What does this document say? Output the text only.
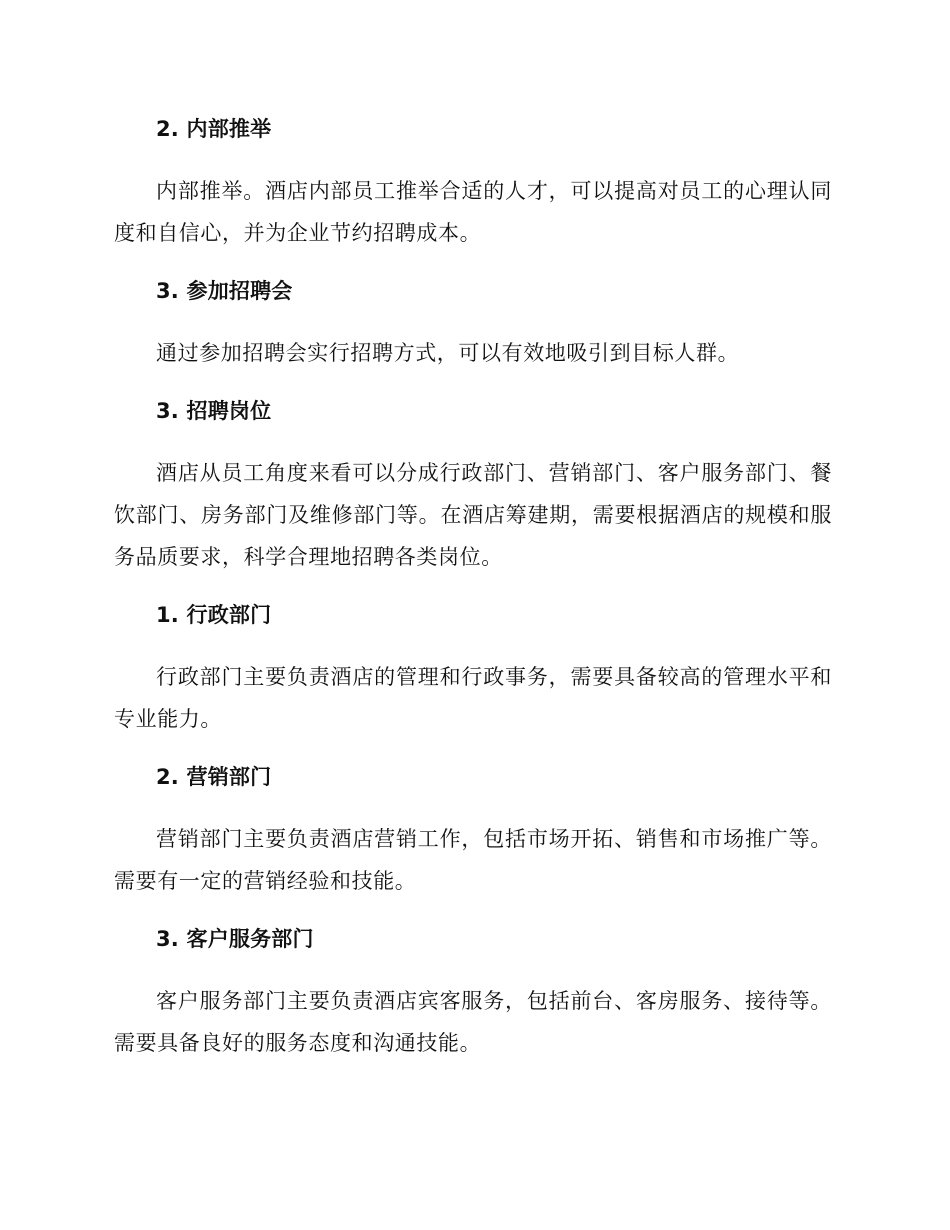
2. 内部推举
内部推举。酒店内部员工推举合适的人才，可以提高对员工的心理认同度和自信心，并为企业节约招聘成本。
3. 参加招聘会
通过参加招聘会实行招聘方式，可以有效地吸引到目标人群。
3. 招聘岗位
酒店从员工角度来看可以分成行政部门、营销部门、客户服务部门、餐饮部门、房务部门及维修部门等。在酒店筹建期，需要根据酒店的规模和服务品质要求，科学合理地招聘各类岗位。
1. 行政部门
行政部门主要负责酒店的管理和行政事务，需要具备较高的管理水平和专业能力。
2. 营销部门
营销部门主要负责酒店营销工作，包括市场开拓、销售和市场推广等。需要有一定的营销经验和技能。
3. 客户服务部门
客户服务部门主要负责酒店宾客服务，包括前台、客房服务、接待等。需要具备良好的服务态度和沟通技能。
